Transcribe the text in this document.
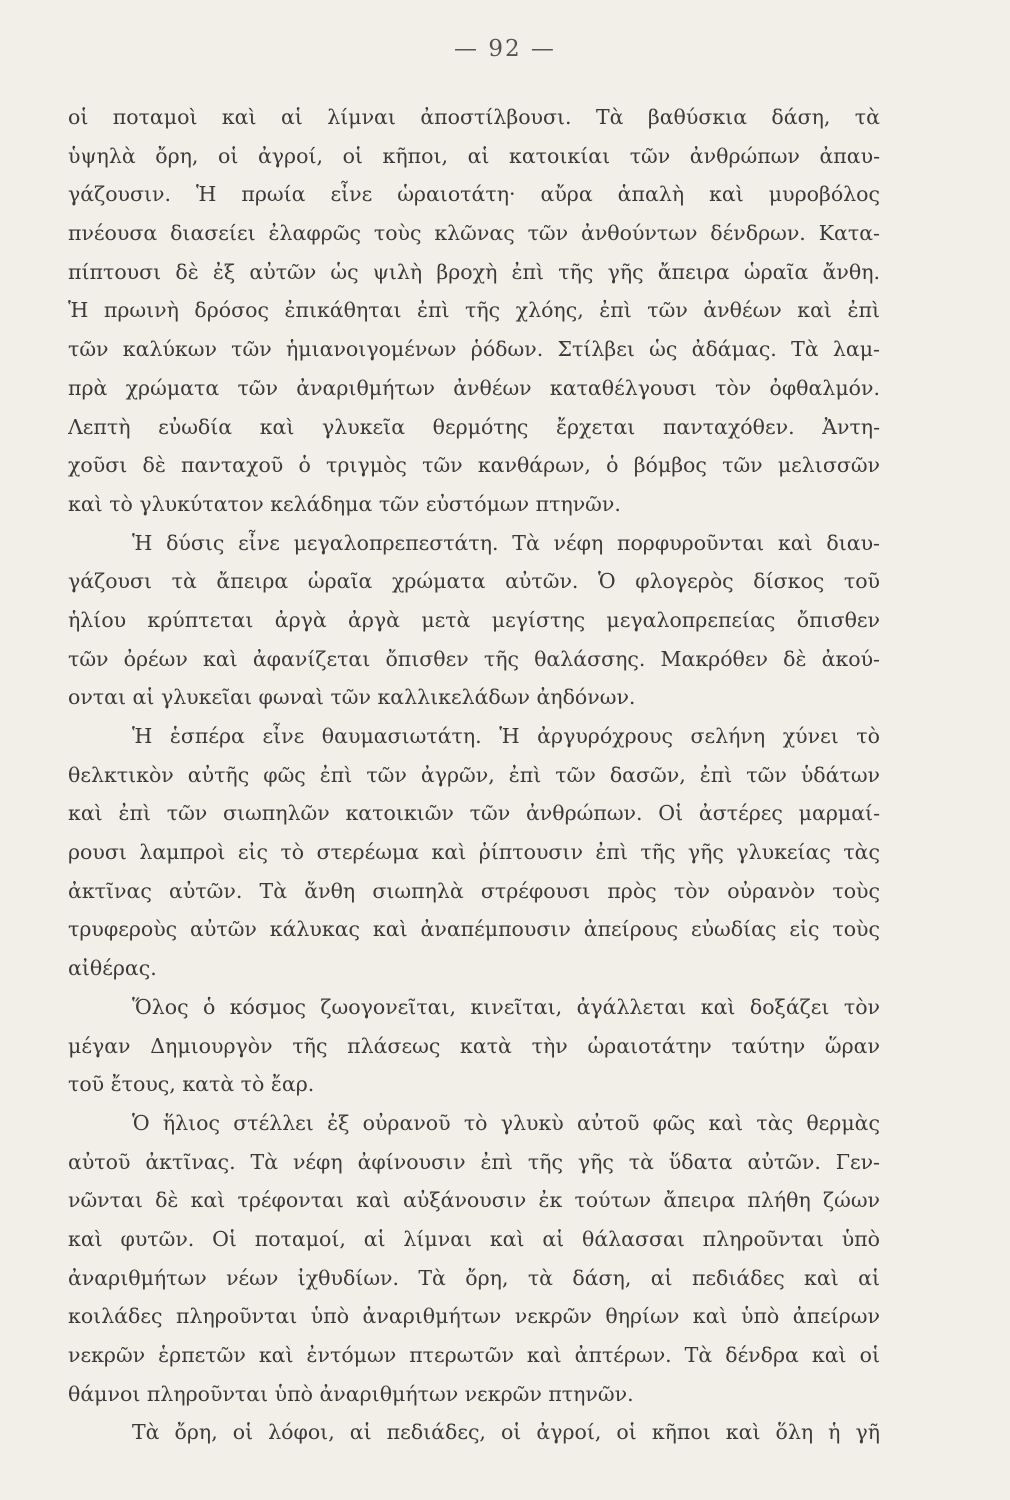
— 92 —
οἱ ποταμοὶ καὶ αἱ λίμναι ἀποστίλβουσι. Τὰ βαθύσκια δάση, τὰ
ὑψηλὰ ὄρη, οἱ ἀγροί, οἱ κῆποι, αἱ κατοικίαι τῶν ἀνθρώπων ἀπαυ-
γάζουσιν. Ἡ πρωία εἶνε ὡραιοτάτη· αὔρα ἁπαλὴ καὶ μυροβόλος
πνέουσα διασείει ἐλαφρῶς τοὺς κλῶνας τῶν ἀνθούντων δένδρων. Κατα-
πίπτουσι δὲ ἐξ αὐτῶν ὡς ψιλὴ βροχὴ ἐπὶ τῆς γῆς ἄπειρα ὡραῖα ἄνθη.
Ἡ πρωινὴ δρόσος ἐπικάθηται ἐπὶ τῆς χλόης, ἐπὶ τῶν ἀνθέων καὶ ἐπὶ
τῶν καλύκων τῶν ἡμιανοιγομένων ῥόδων. Στίλβει ὡς ἀδάμας. Τὰ λαμ-
πρὰ χρώματα τῶν ἀναριθμήτων ἀνθέων καταθέλγουσι τὸν ὀφθαλμόν.
Λεπτὴ εὐωδία καὶ γλυκεῖα θερμότης ἔρχεται πανταχόθεν. Ἀντη-
χοῦσι δὲ πανταχοῦ ὁ τριγμὸς τῶν κανθάρων, ὁ βόμβος τῶν μελισσῶν
καὶ τὸ γλυκύτατον κελάδημα τῶν εὐστόμων πτηνῶν.
Ἡ δύσις εἶνε μεγαλοπρεπεστάτη. Τὰ νέφη πορφυροῦνται καὶ διαυ-
γάζουσι τὰ ἄπειρα ὡραῖα χρώματα αὐτῶν. Ὁ φλογερὸς δίσκος τοῦ
ἡλίου κρύπτεται ἀργὰ ἀργὰ μετὰ μεγίστης μεγαλοπρεπείας ὄπισθεν
τῶν ὀρέων καὶ ἀφανίζεται ὄπισθεν τῆς θαλάσσης. Μακρόθεν δὲ ἀκού-
ονται αἱ γλυκεῖαι φωναὶ τῶν καλλικελάδων ἀηδόνων.
Ἡ ἑσπέρα εἶνε θαυμασιωτάτη. Ἡ ἀργυρόχρους σελήνη χύνει τὸ
θελκτικὸν αὐτῆς φῶς ἐπὶ τῶν ἀγρῶν, ἐπὶ τῶν δασῶν, ἐπὶ τῶν ὑδάτων
καὶ ἐπὶ τῶν σιωπηλῶν κατοικιῶν τῶν ἀνθρώπων. Οἱ ἀστέρες μαρμαί-
ρουσι λαμπροὶ εἰς τὸ στερέωμα καὶ ῥίπτουσιν ἐπὶ τῆς γῆς γλυκείας τὰς
ἀκτῖνας αὐτῶν. Τὰ ἄνθη σιωπηλὰ στρέφουσι πρὸς τὸν οὐρανὸν τοὺς
τρυφεροὺς αὐτῶν κάλυκας καὶ ἀναπέμπουσιν ἀπείρους εὐωδίας εἰς τοὺς
αἰθέρας.
Ὅλος ὁ κόσμος ζωογονεῖται, κινεῖται, ἀγάλλεται καὶ δοξάζει τὸν
μέγαν Δημιουργὸν τῆς πλάσεως κατὰ τὴν ὡραιοτάτην ταύτην ὥραν
τοῦ ἔτους, κατὰ τὸ ἔαρ.
Ὁ ἥλιος στέλλει ἐξ οὐρανοῦ τὸ γλυκὺ αὐτοῦ φῶς καὶ τὰς θερμὰς
αὐτοῦ ἀκτῖνας. Τὰ νέφη ἀφίνουσιν ἐπὶ τῆς γῆς τὰ ὕδατα αὐτῶν. Γεν-
νῶνται δὲ καὶ τρέφονται καὶ αὐξάνουσιν ἐκ τούτων ἄπειρα πλήθη ζώων
καὶ φυτῶν. Οἱ ποταμοί, αἱ λίμναι καὶ αἱ θάλασσαι πληροῦνται ὑπὸ
ἀναριθμήτων νέων ἰχθυδίων. Τὰ ὄρη, τὰ δάση, αἱ πεδιάδες καὶ αἱ
κοιλάδες πληροῦνται ὑπὸ ἀναριθμήτων νεκρῶν θηρίων καὶ ὑπὸ ἀπείρων
νεκρῶν ἑρπετῶν καὶ ἐντόμων πτερωτῶν καὶ ἀπτέρων. Τὰ δένδρα καὶ οἱ
θάμνοι πληροῦνται ὑπὸ ἀναριθμήτων νεκρῶν πτηνῶν.
Τὰ ὄρη, οἱ λόφοι, αἱ πεδιάδες, οἱ ἀγροί, οἱ κῆποι καὶ ὅλη ἡ γῆ
